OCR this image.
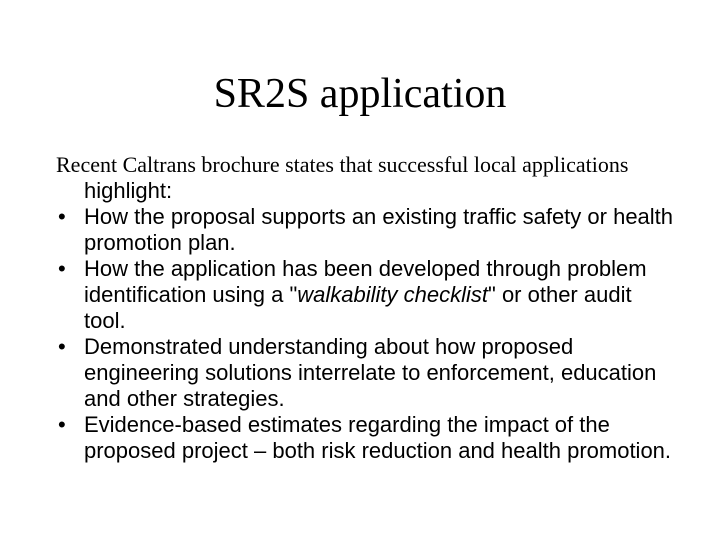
SR2S application

Recent Caltrans brochure states that successful local applications highlight:

• How the proposal supports an existing traffic safety or health promotion plan.
• How the application has been developed through problem identification using a "walkability checklist" or other audit tool.
• Demonstrated understanding about how proposed engineering solutions interrelate to enforcement, education and other strategies.
• Evidence-based estimates regarding the impact of the proposed project – both risk reduction and health promotion.
